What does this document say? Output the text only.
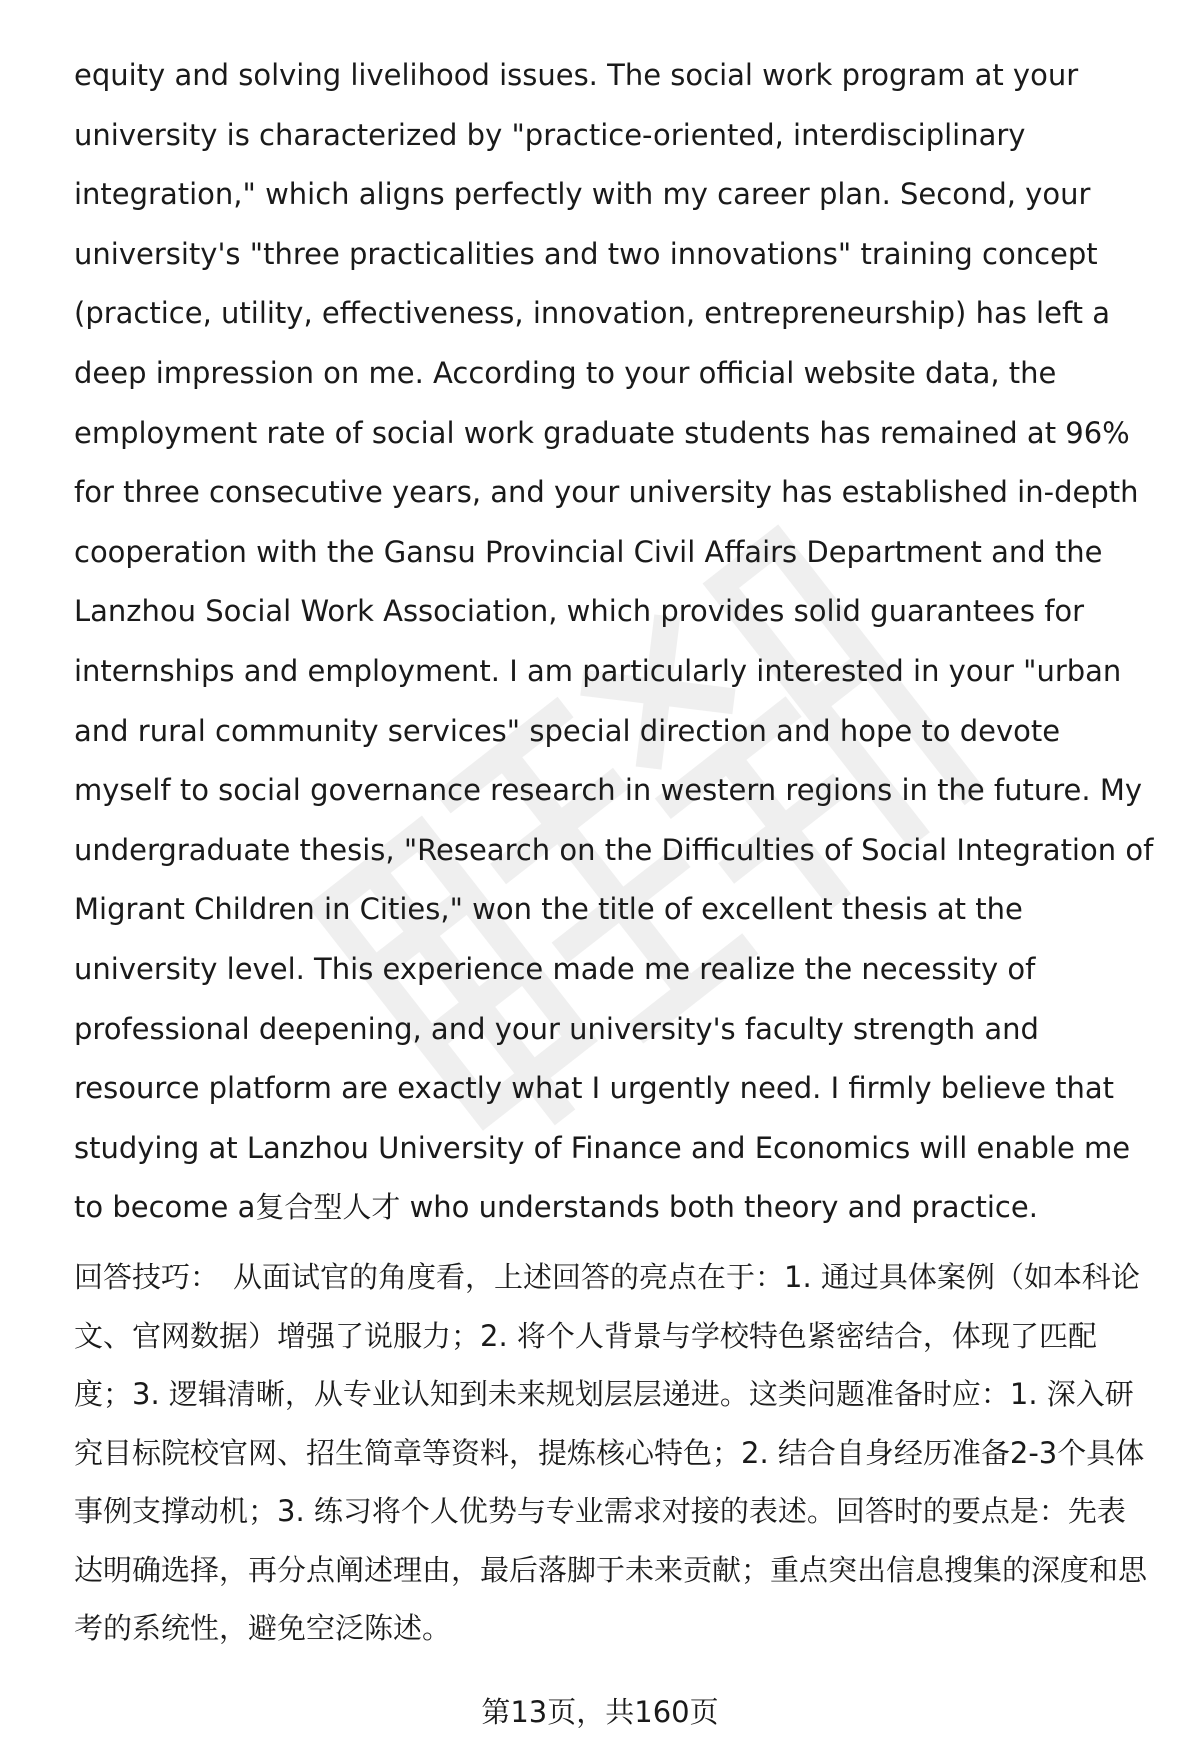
equity and solving livelihood issues. The social work program at your university is characterized by "practice-oriented, interdisciplinary integration," which aligns perfectly with my career plan. Second, your university's "three practicalities and two innovations" training concept (practice, utility, effectiveness, innovation, entrepreneurship) has left a deep impression on me. According to your official website data, the employment rate of social work graduate students has remained at 96% for three consecutive years, and your university has established in-depth cooperation with the Gansu Provincial Civil Affairs Department and the Lanzhou Social Work Association, which provides solid guarantees for internships and employment. I am particularly interested in your "urban and rural community services" special direction and hope to devote myself to social governance research in western regions in the future. My undergraduate thesis, "Research on the Difficulties of Social Integration of Migrant Children in Cities," won the title of excellent thesis at the university level. This experience made me realize the necessity of professional deepening, and your university's faculty strength and resource platform are exactly what I urgently need. I firmly believe that studying at Lanzhou University of Finance and Economics will enable me to become a复合型人才 who understands both theory and practice.

回答技巧： 从面试官的角度看，上述回答的亮点在于：1. 通过具体案例（如本科论文、官网数据）增强了说服力；2. 将个人背景与学校特色紧密结合，体现了匹配度；3. 逻辑清晰，从专业认知到未来规划层层递进。这类问题准备时应：1. 深入研究目标院校官网、招生简章等资料，提炼核心特色；2. 结合自身经历准备2-3个具体事例支撑动机；3. 练习将个人优势与专业需求对接的表述。回答时的要点是：先表达明确选择，再分点阐述理由，最后落脚于未来贡献；重点突出信息搜集的深度和思考的系统性，避免空泛陈述。

第13页，共160页
